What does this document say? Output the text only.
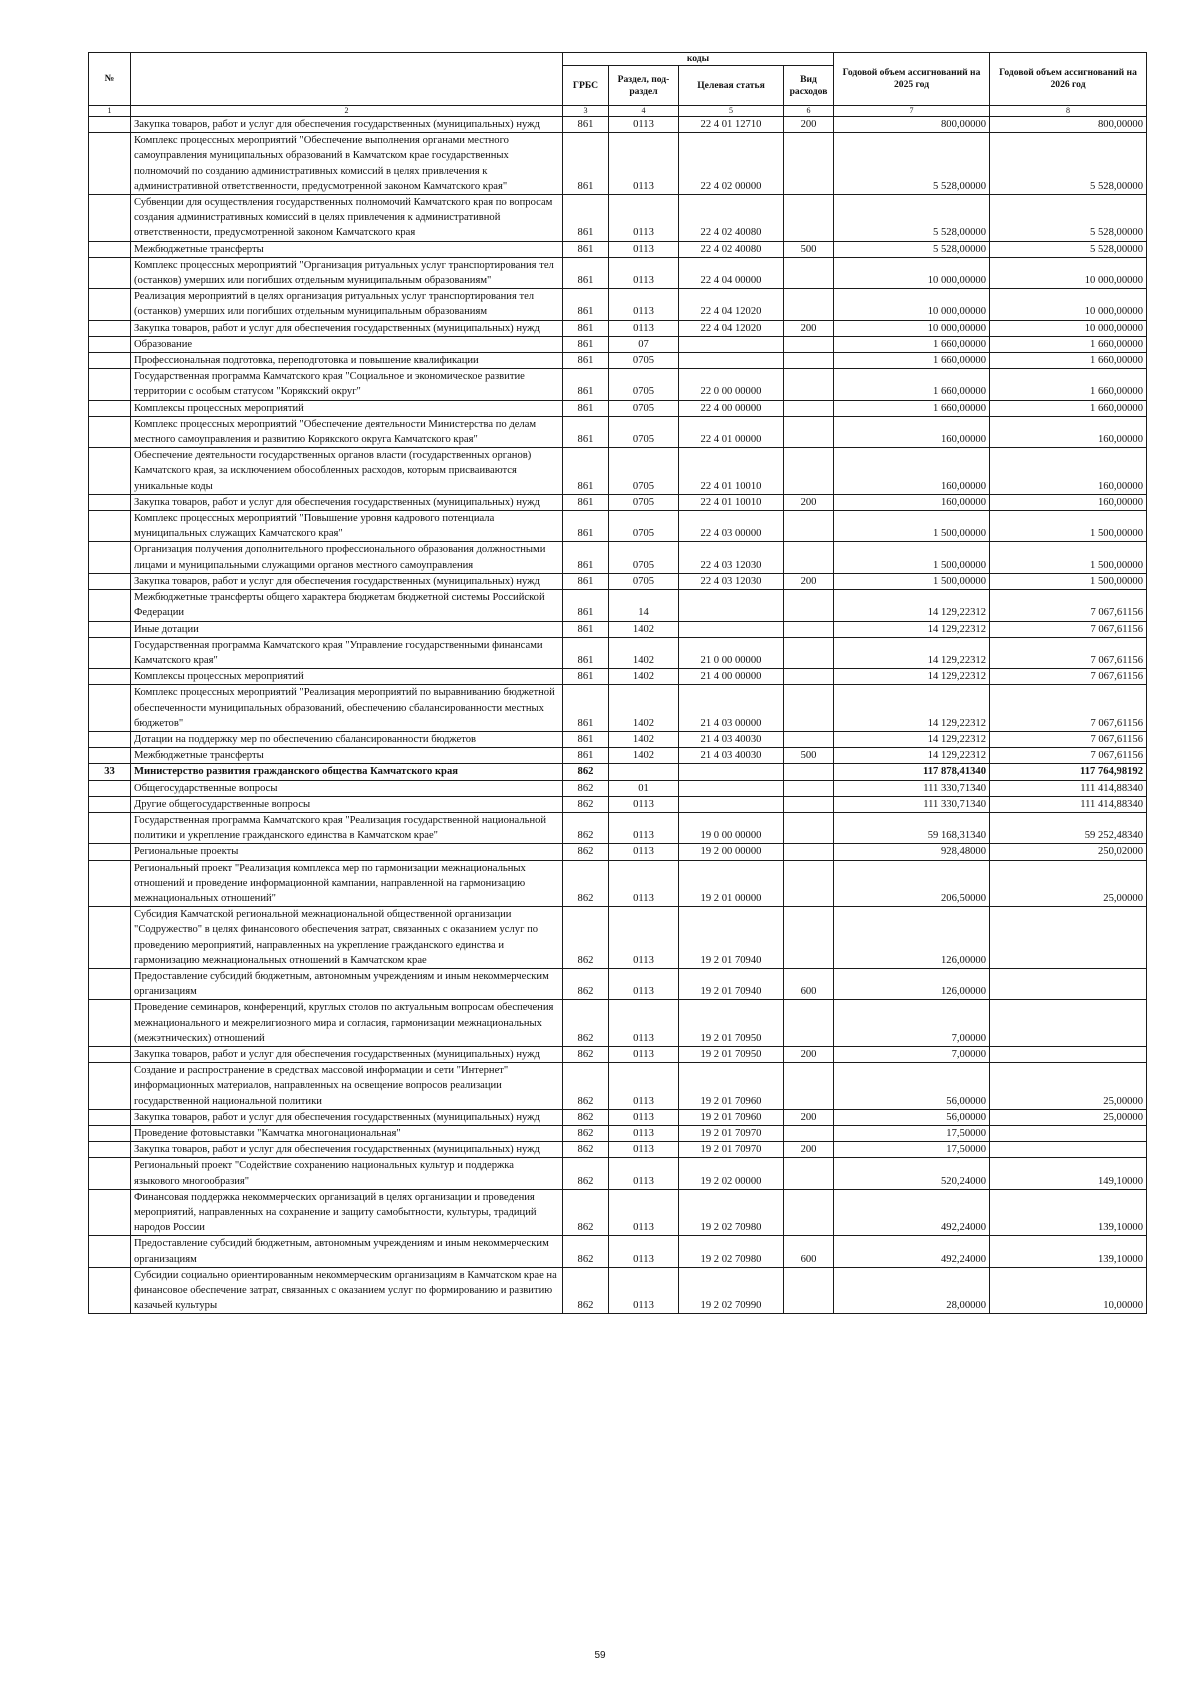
№		коды				Годовой объем ассигнований на 2025 год	Годовой объем ассигнований на 2026 год
		ГРБС	Раздел, под-раздел	Целевая статья	Вид расходов		
1	2	3	4	5	6	7	8
	Закупка товаров, работ и услуг для обеспечения государственных (муниципальных) нужд	861	0113	22 4 01 12710	200	800,00000	800,00000
	Комплекс процессных мероприятий "Обеспечение выполнения органами местного самоуправления муниципальных образований в Камчатском крае государственных полномочий по созданию административных комиссий в целях привлечения к административной ответственности, предусмотренной законом Камчатского края"	861	0113	22 4 02 00000		5 528,00000	5 528,00000
	Субвенции для осуществления государственных полномочий Камчатского края по вопросам создания административных комиссий в целях привлечения к административной ответственности, предусмотренной законом Камчатского края	861	0113	22 4 02 40080		5 528,00000	5 528,00000
	Межбюджетные трансферты	861	0113	22 4 02 40080	500	5 528,00000	5 528,00000
	Комплекс процессных мероприятий "Организация ритуальных услуг транспортирования тел (останков) умерших или погибших отдельным муниципальным образованиям"	861	0113	22 4 04 00000		10 000,00000	10 000,00000
	Реализация мероприятий в целях организация ритуальных услуг транспортирования тел (останков) умерших или погибших отдельным муниципальным образованиям	861	0113	22 4 04 12020		10 000,00000	10 000,00000
	Закупка товаров, работ и услуг для обеспечения государственных (муниципальных) нужд	861	0113	22 4 04 12020	200	10 000,00000	10 000,00000
	Образование	861	07			1 660,00000	1 660,00000
	Профессиональная подготовка, переподготовка и повышение квалификации	861	0705			1 660,00000	1 660,00000
	Государственная программа Камчатского края "Социальное и экономическое развитие территории с особым статусом "Корякский округ"	861	0705	22 0 00 00000		1 660,00000	1 660,00000
	Комплексы процессных мероприятий	861	0705	22 4 00 00000		1 660,00000	1 660,00000
	Комплекс процессных мероприятий "Обеспечение деятельности Министерства по делам местного самоуправления и развитию Корякского округа Камчатского края"	861	0705	22 4 01 00000		160,00000	160,00000
	Обеспечение деятельности государственных органов власти (государственных органов) Камчатского края, за исключением обособленных расходов, которым присваиваются уникальные коды	861	0705	22 4 01 10010		160,00000	160,00000
	Закупка товаров, работ и услуг для обеспечения государственных (муниципальных) нужд	861	0705	22 4 01 10010	200	160,00000	160,00000
	Комплекс процессных мероприятий "Повышение уровня кадрового потенциала муниципальных служащих Камчатского края"	861	0705	22 4 03 00000		1 500,00000	1 500,00000
	Организация получения дополнительного профессионального образования должностными лицами и муниципальными служащими органов местного самоуправления	861	0705	22 4 03 12030		1 500,00000	1 500,00000
	Закупка товаров, работ и услуг для обеспечения государственных (муниципальных) нужд	861	0705	22 4 03 12030	200	1 500,00000	1 500,00000
	Межбюджетные трансферты общего характера бюджетам бюджетной системы Российской Федерации	861	14			14 129,22312	7 067,61156
	Иные дотации	861	1402			14 129,22312	7 067,61156
	Государственная программа Камчатского края "Управление государственными финансами Камчатского края"	861	1402	21 0 00 00000		14 129,22312	7 067,61156
	Комплексы процессных мероприятий	861	1402	21 4 00 00000		14 129,22312	7 067,61156
	Комплекс процессных мероприятий "Реализация мероприятий по выравниванию бюджетной обеспеченности муниципальных образований, обеспечению сбалансированности местных бюджетов"	861	1402	21 4 03 00000		14 129,22312	7 067,61156
	Дотации на поддержку мер по обеспечению сбалансированности бюджетов	861	1402	21 4 03 40030		14 129,22312	7 067,61156
	Межбюджетные трансферты	861	1402	21 4 03 40030	500	14 129,22312	7 067,61156
33	Министерство развития гражданского общества Камчатского края	862				117 878,41340	117 764,98192
	Общегосударственные вопросы	862	01			111 330,71340	111 414,88340
	Другие общегосударственные вопросы	862	0113			111 330,71340	111 414,88340
	Государственная программа Камчатского края "Реализация государственной национальной политики и укрепление гражданского единства в Камчатском крае"	862	0113	19 0 00 00000		59 168,31340	59 252,48340
	Региональные проекты	862	0113	19 2 00 00000		928,48000	250,02000
	Региональный проект "Реализация комплекса мер по гармонизации межнациональных отношений и проведение информационной кампании, направленной на гармонизацию межнациональных отношений"	862	0113	19 2 01 00000		206,50000	25,00000
	Субсидия Камчатской региональной межнациональной общественной организации "Содружество" в целях финансового обеспечения затрат, связанных с оказанием услуг по проведению мероприятий, направленных на укрепление гражданского единства и гармонизацию межнациональных отношений в Камчатском крае	862	0113	19 2 01 70940		126,00000	
	Предоставление субсидий бюджетным, автономным учреждениям и иным некоммерческим организациям	862	0113	19 2 01 70940	600	126,00000	
	Проведение семинаров, конференций, круглых столов по актуальным вопросам обеспечения межнационального и межрелигиозного мира и согласия, гармонизации межнациональных (межэтнических) отношений	862	0113	19 2 01 70950		7,00000	
	Закупка товаров, работ и услуг для обеспечения государственных (муниципальных) нужд	862	0113	19 2 01 70950	200	7,00000	
	Создание и распространение в средствах массовой информации и сети "Интернет" информационных материалов, направленных на освещение вопросов реализации государственной национальной политики	862	0113	19 2 01 70960		56,00000	25,00000
	Закупка товаров, работ и услуг для обеспечения государственных (муниципальных) нужд	862	0113	19 2 01 70960	200	56,00000	25,00000
	Проведение фотовыставки "Камчатка многонациональная"	862	0113	19 2 01 70970		17,50000	
	Закупка товаров, работ и услуг для обеспечения государственных (муниципальных) нужд	862	0113	19 2 01 70970	200	17,50000	
	Региональный проект "Содействие сохранению национальных культур и поддержка языкового многообразия"	862	0113	19 2 02 00000		520,24000	149,10000
	Финансовая поддержка некоммерческих организаций в целях организации и проведения мероприятий, направленных на сохранение и защиту самобытности, культуры, традиций народов России	862	0113	19 2 02 70980		492,24000	139,10000
	Предоставление субсидий бюджетным, автономным учреждениям и иным некоммерческим организациям	862	0113	19 2 02 70980	600	492,24000	139,10000
	Субсидии социально ориентированным некоммерческим организациям в Камчатском крае на финансовое обеспечение затрат, связанных с оказанием услуг по формированию и развитию казачьей культуры	862	0113	19 2 02 70990		28,00000	10,00000
59
